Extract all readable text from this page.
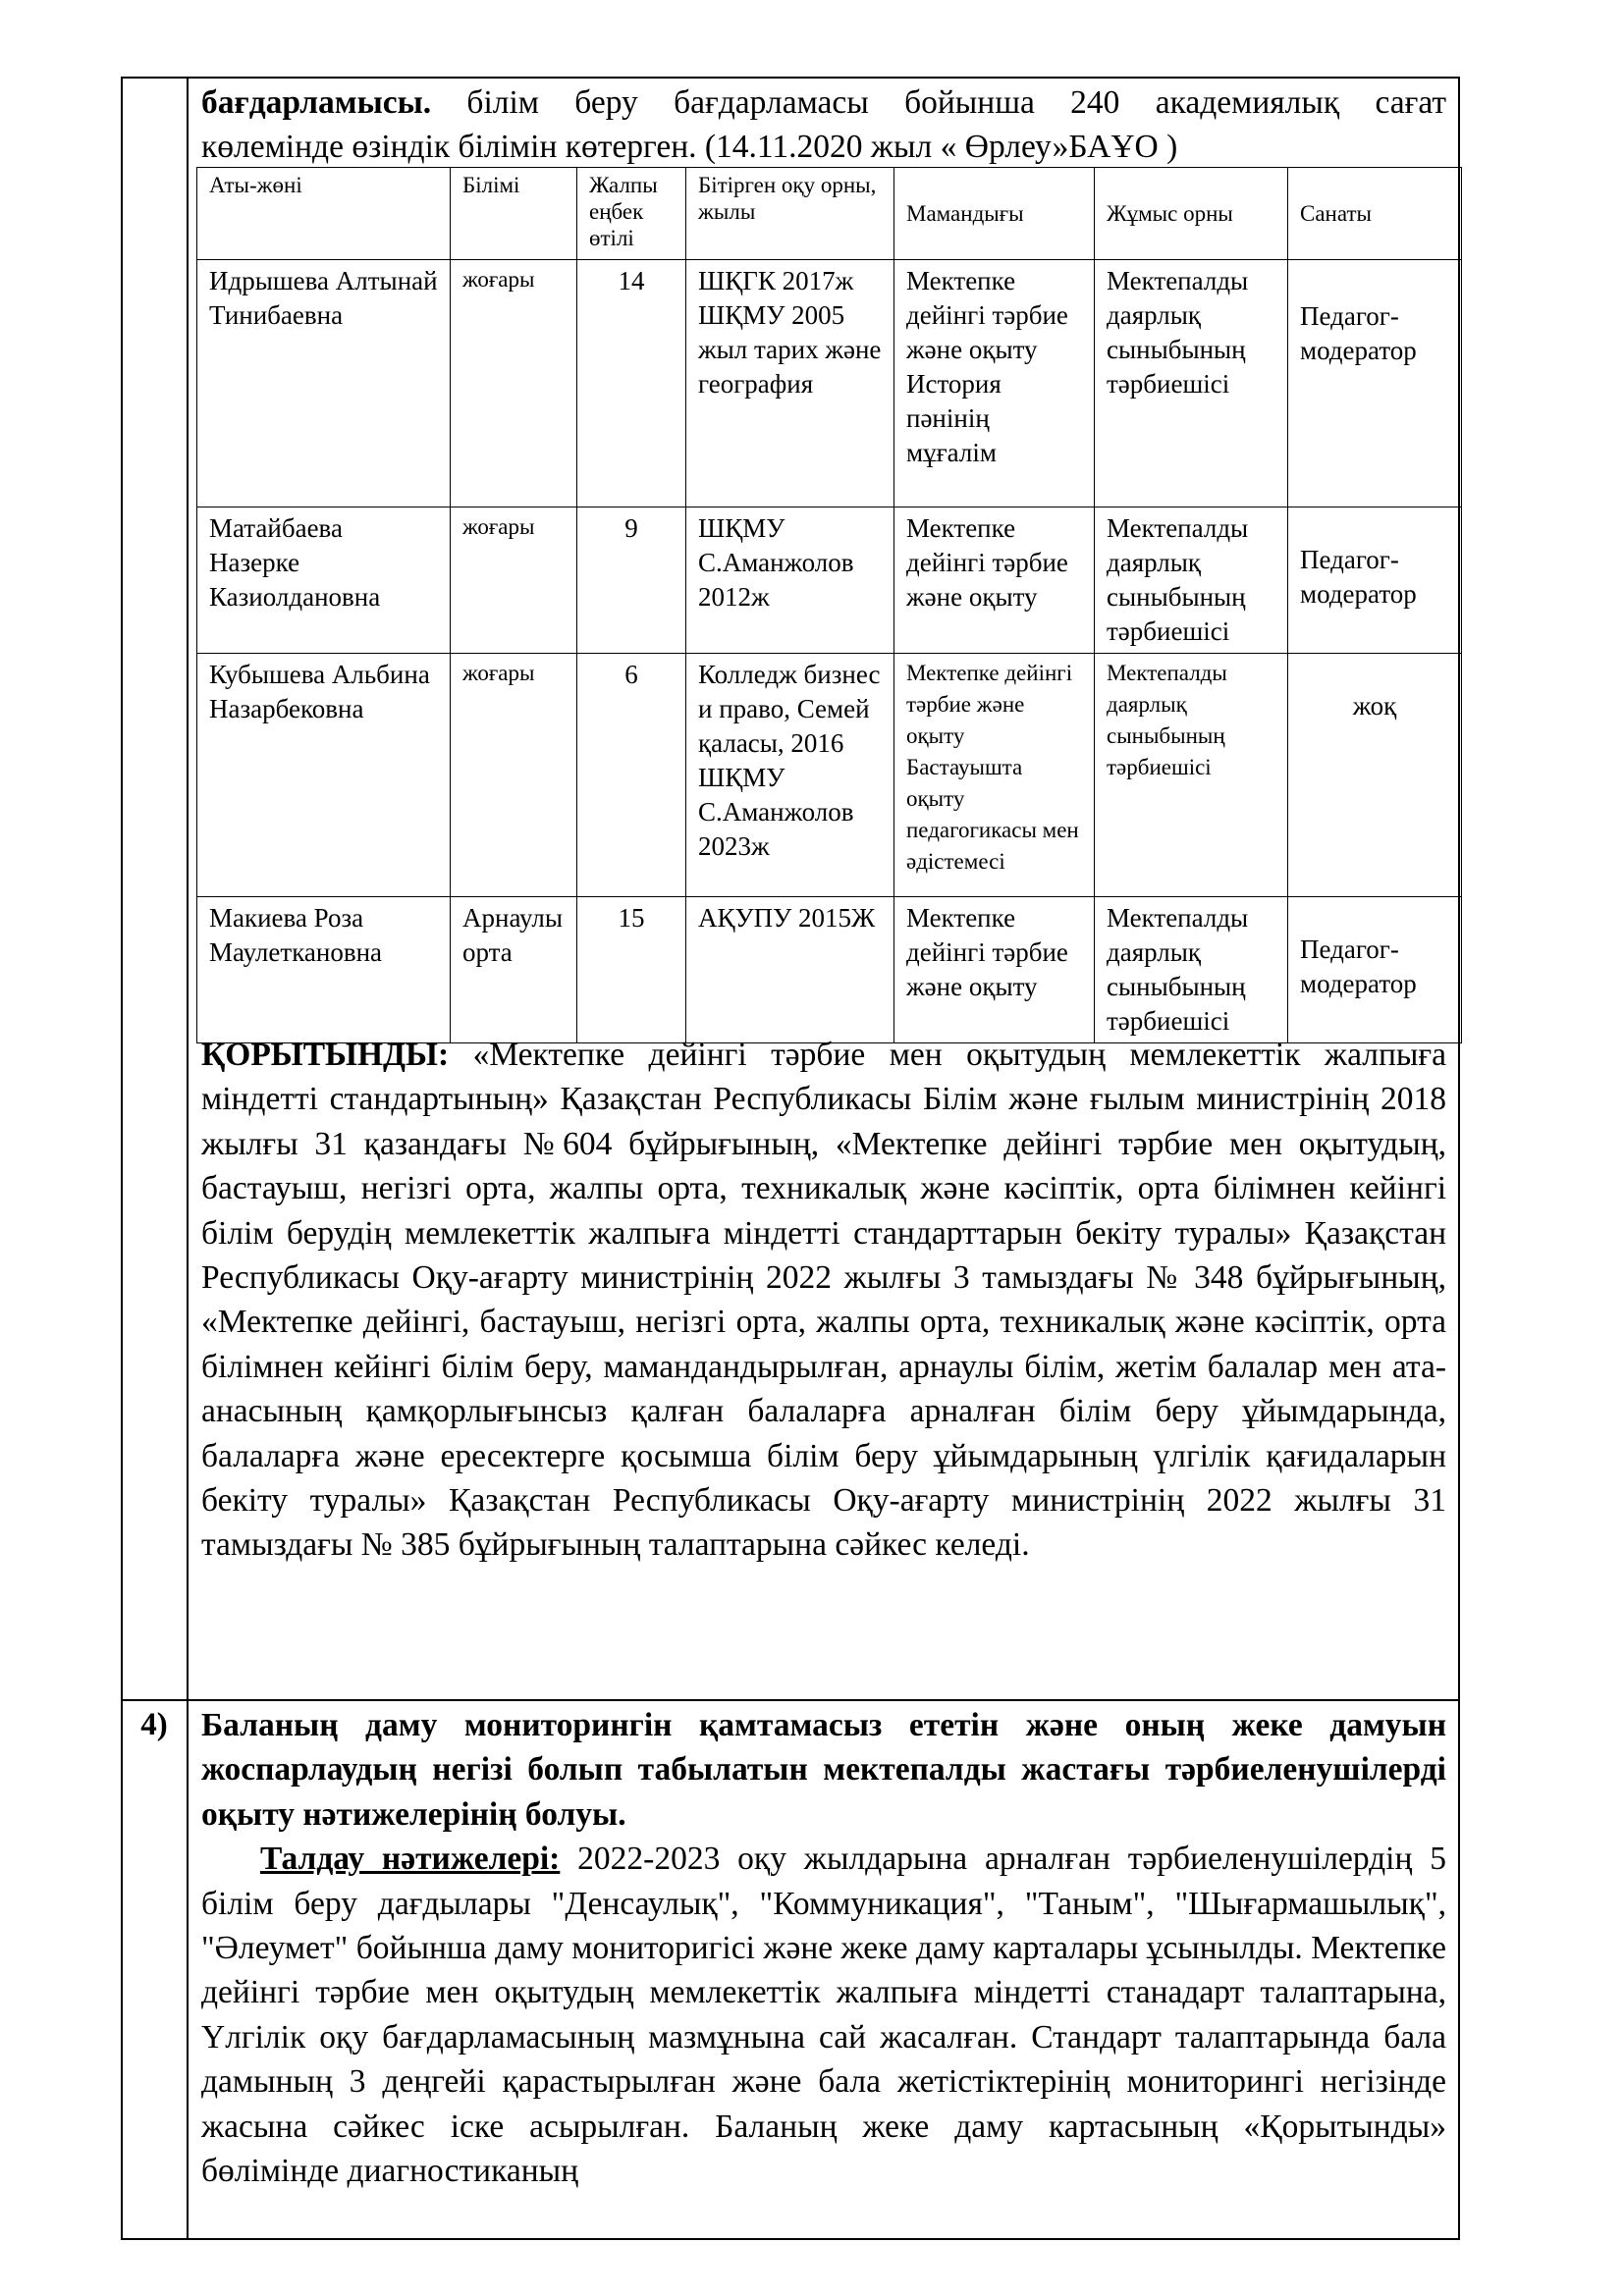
бағдарламысы. білім беру бағдарламасы бойынша 240 академиялық сағат

көлемінде өзіндік білімін көтерген. (14.11.2020 жыл « Өрлеу»БАҰО )

Аты-жөні	Білімі	Жалпы еңбек өтілі	Бітірген оқу орны, жылы	Мамандығы	Жұмыс орны	Санаты
Идрышева Алтынай Тинибаевна	жоғары	14	ШҚГК 2017ж ШҚМУ 2005 жыл тарих және география	Мектепке дейінгі тәрбие және оқыту История пәнінің мұғалім	Мектепалды даярлық сыныбының тәрбиешісі	Педагог-модератор
Матайбаева Назерке Казиолдановна	жоғары	9	ШҚМУ С.Аманжолов 2012ж	Мектепке дейінгі тәрбие және оқыту	Мектепалды даярлық сыныбының тәрбиешісі	Педагог-модератор
Кубышева Альбина Назарбековна	жоғары	6	Колледж бизнес и право, Семей қаласы, 2016 ШҚМУ С.Аманжолов 2023ж	Мектепке дейінгі тәрбие және оқыту Бастауышта оқыту педагогикасы мен әдістемесі	Мектепалды даярлық сыныбының тәрбиешісі	жоқ
Макиева Роза Маулеткановна	Арнаулы орта	15	АҚУПУ 2015Ж	Мектепке дейінгі тәрбие және оқыту	Мектепалды даярлық сыныбының тәрбиешісі	Педагог-модератор

ҚОРЫТЫНДЫ: «Мектепке дейінгі тәрбие мен оқытудың мемлекеттік жалпыға міндетті стандартының» Қазақстан Республикасы Білім және ғылым министрінің 2018 жылғы 31 қазандағы №604 бұйрығының, «Мектепке дейінгі тәрбие мен оқытудың, бастауыш, негізгі орта, жалпы орта, техникалық және кәсіптік, орта білімнен кейінгі білім берудің мемлекеттік жалпыға міндетті стандарттарын бекіту туралы» Қазақстан Республикасы Оқу-ағарту министрінің 2022 жылғы 3 тамыздағы № 348 бұйрығының, «Мектепке дейінгі, бастауыш, негізгі орта, жалпы орта, техникалық және кәсіптік, орта білімнен кейінгі білім беру, мамандандырылған, арнаулы білім, жетім балалар мен ата-анасының қамқорлығынсыз қалған балаларға арналған білім беру ұйымдарында, балаларға және ересектерге қосымша білім беру ұйымдарының үлгілік қағидаларын бекіту туралы» Қазақстан Республикасы Оқу-ағарту министрінің 2022 жылғы 31 тамыздағы № 385 бұйрығының талаптарына сәйкес келеді.

4)	Баланың даму мониторингін қамтамасыз ететін және оның жеке дамуын жоспарлаудың негізі болып табылатын мектепалды жастағы тәрбиеленушілерді оқыту нәтижелерінің болуы.

Талдау нәтижелері: 2022-2023 оқу жылдарына арналған тәрбиеленушілердің 5 білім беру дағдылары "Денсаулық", "Коммуникация", "Таным", "Шығармашылық", "Әлеумет" бойынша даму мониторигісі және жеке даму карталары ұсынылды. Мектепке дейінгі тәрбие мен оқытудың мемлекеттік жалпыға міндетті станадарт талаптарына, Үлгілік оқу бағдарламасының мазмұнына сай жасалған. Стандарт талаптарында бала дамының 3 деңгейі қарастырылған және бала жетістіктерінің мониторингі негізінде жасына сәйкес іске асырылған. Баланың жеке даму картасының «Қорытынды» бөлімінде диагностиканың
